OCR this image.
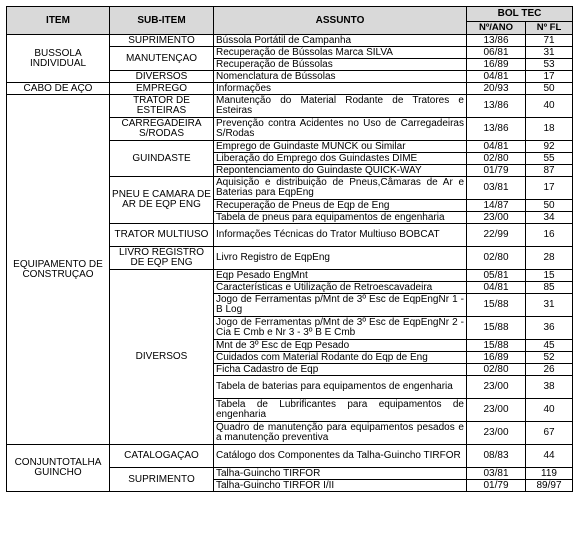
ITEM	SUB-ITEM	ASSUNTO	BOL TEC	
			Nº/ANO	Nº FL
BUSSOLA INDIVIDUAL	SUPRIMENTO	Bússola Portátil de Campanha	13/86	71
	MANUTENÇAO	Recuperação de Bússolas Marca SILVA	06/81	31
		Recuperação de Bússolas	16/89	53
	DIVERSOS	Nomenclatura de Bússolas	04/81	17
CABO DE AÇO	EMPREGO	Informações	20/93	50
EQUIPAMENTO DE CONSTRUÇAO	TRATOR DE ESTEIRAS	Manutenção do Material Rodante de Tratores e Esteiras	13/86	40
	CARREGADEIRA S/RODAS	Prevenção contra Acidentes no Uso de Carregadeiras S/Rodas	13/86	18
	GUINDASTE	Emprego de Guindaste MUNCK ou Similar	04/81	92
		Liberação do Emprego dos Guindastes DIME	02/80	55
		Repontenciamento do Guindaste QUICK-WAY	01/79	87
	PNEU E CAMARA DE AR DE EQP ENG	Aquisição e distribuição de Pneus,Câmaras de Ar e Baterias para EqpEng	03/81	17
		Recuperação de Pneus de Eqp de Eng	14/87	50
		Tabela de pneus para equipamentos de engenharia	23/00	34
	TRATOR MULTIUSO	Informações Técnicas do Trator Multiuso BOBCAT	22/99	16
	LIVRO REGISTRO DE EQP ENG	Livro Registro de EqpEng	02/80	28
	DIVERSOS	Eqp Pesado EngMnt	05/81	15
		Características e Utilização de Retroescavadeira	04/81	85
		Jogo de Ferramentas p/Mnt de 3º Esc de EqpEngNr 1 - B Log	15/88	31
		Jogo de Ferramentas p/Mnt de 3º Esc de EqpEngNr 2 - Cia E Cmb e Nr 3 - 3º B E Cmb	15/88	36
		Mnt de 3º Esc de Eqp Pesado	15/88	45
		Cuidados com Material Rodante do Eqp de Eng	16/89	52
		Ficha Cadastro de Eqp	02/80	26
		Tabela de baterias para equipamentos de engenharia	23/00	38
		Tabela de Lubrificantes para equipamentos de engenharia	23/00	40
		Quadro de manutenção para equipamentos pesados e a manutenção preventiva	23/00	67
CONJUNTOTALHA GUINCHO	CATALOGAÇAO	Catálogo dos Componentes da Talha-Guincho TIRFOR	08/83	44
	SUPRIMENTO	Talha-Guincho TIRFOR	03/81	119
		Talha-Guincho TIRFOR I/II	01/79	89/97
